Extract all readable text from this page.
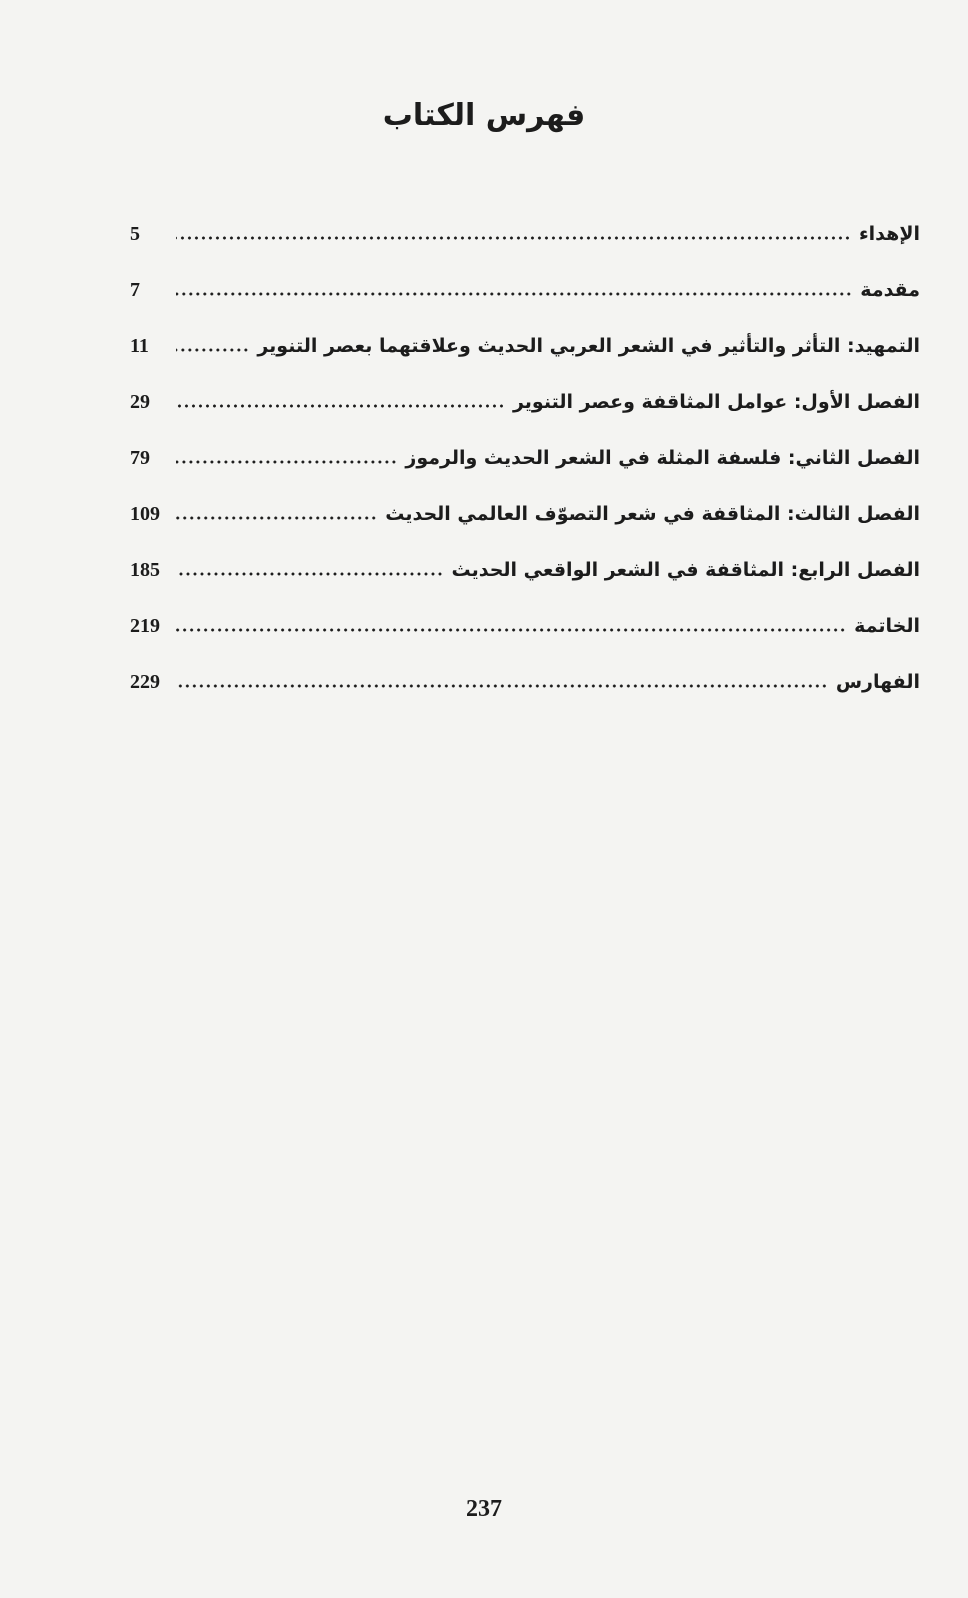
فهرس الكتاب
الإهداء
5
مقدمة
7
التمهيد: التأثر والتأثير في الشعر العربي الحديث وعلاقتهما بعصر التنوير
11
الفصل الأول: عوامل المثاقفة وعصر التنوير
29
الفصل الثاني: فلسفة المثلة في الشعر الحديث والرموز
79
الفصل الثالث: المثاقفة في شعر التصوّف العالمي الحديث
109
الفصل الرابع: المثاقفة في الشعر الواقعي الحديث
185
الخاتمة
219
الفهارس
229
237
